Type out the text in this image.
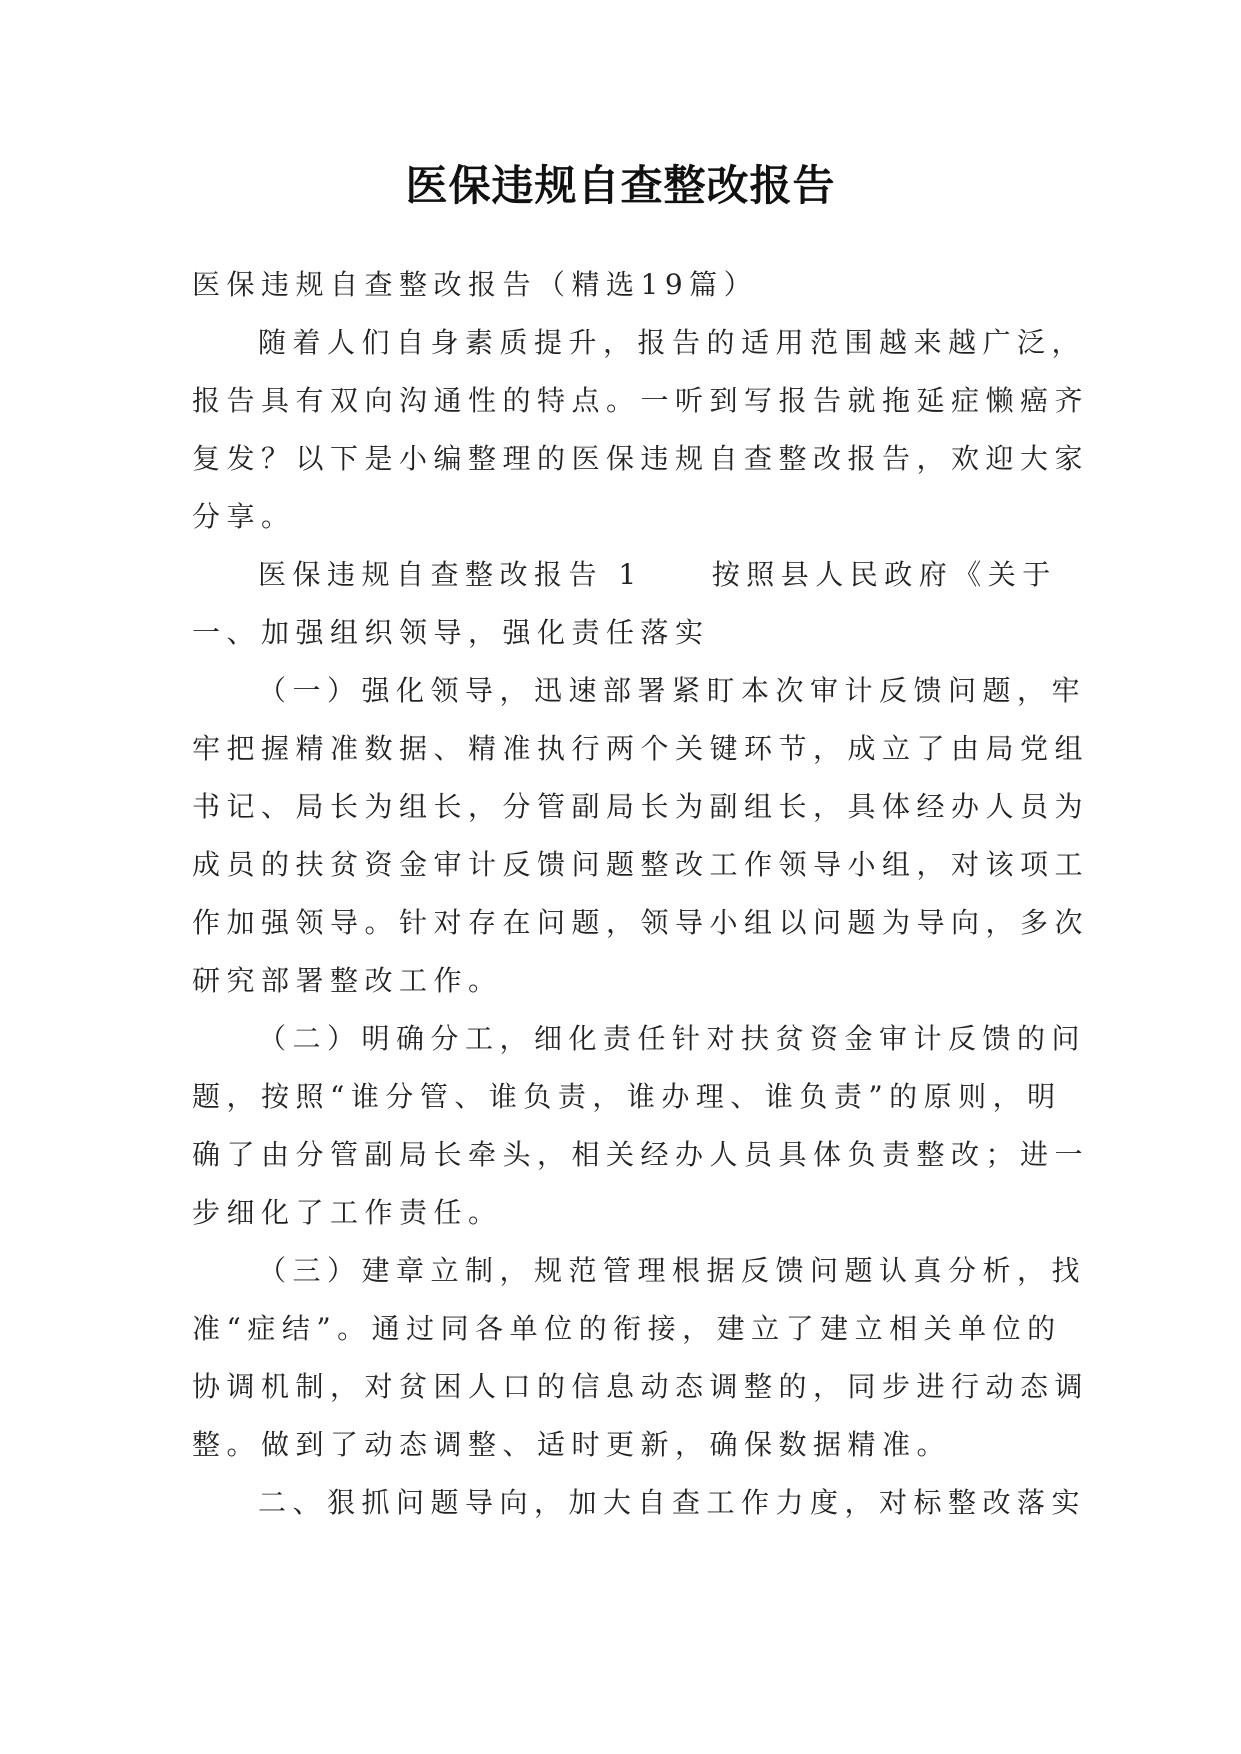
医保违规自查整改报告

医保违规自查整改报告（精选19篇）

随着人们自身素质提升，报告的适用范围越来越广泛，

报告具有双向沟通性的特点。一听到写报告就拖延症懒癌齐

复发？以下是小编整理的医保违规自查整改报告，欢迎大家

分享。

医保违规自查整改报告 1　　按照县人民政府《关于

一、加强组织领导，强化责任落实

（一）强化领导，迅速部署紧盯本次审计反馈问题，牢

牢把握精准数据、精准执行两个关键环节，成立了由局党组

书记、局长为组长，分管副局长为副组长，具体经办人员为

成员的扶贫资金审计反馈问题整改工作领导小组，对该项工

作加强领导。针对存在问题，领导小组以问题为导向，多次

研究部署整改工作。

（二）明确分工，细化责任针对扶贫资金审计反馈的问

题，按照“谁分管、谁负责，谁办理、谁负责”的原则，明

确了由分管副局长牵头，相关经办人员具体负责整改；进一

步细化了工作责任。

（三）建章立制，规范管理根据反馈问题认真分析，找

准“症结”。通过同各单位的衔接，建立了建立相关单位的

协调机制，对贫困人口的信息动态调整的，同步进行动态调

整。做到了动态调整、适时更新，确保数据精准。

二、狠抓问题导向，加大自查工作力度，对标整改落实
